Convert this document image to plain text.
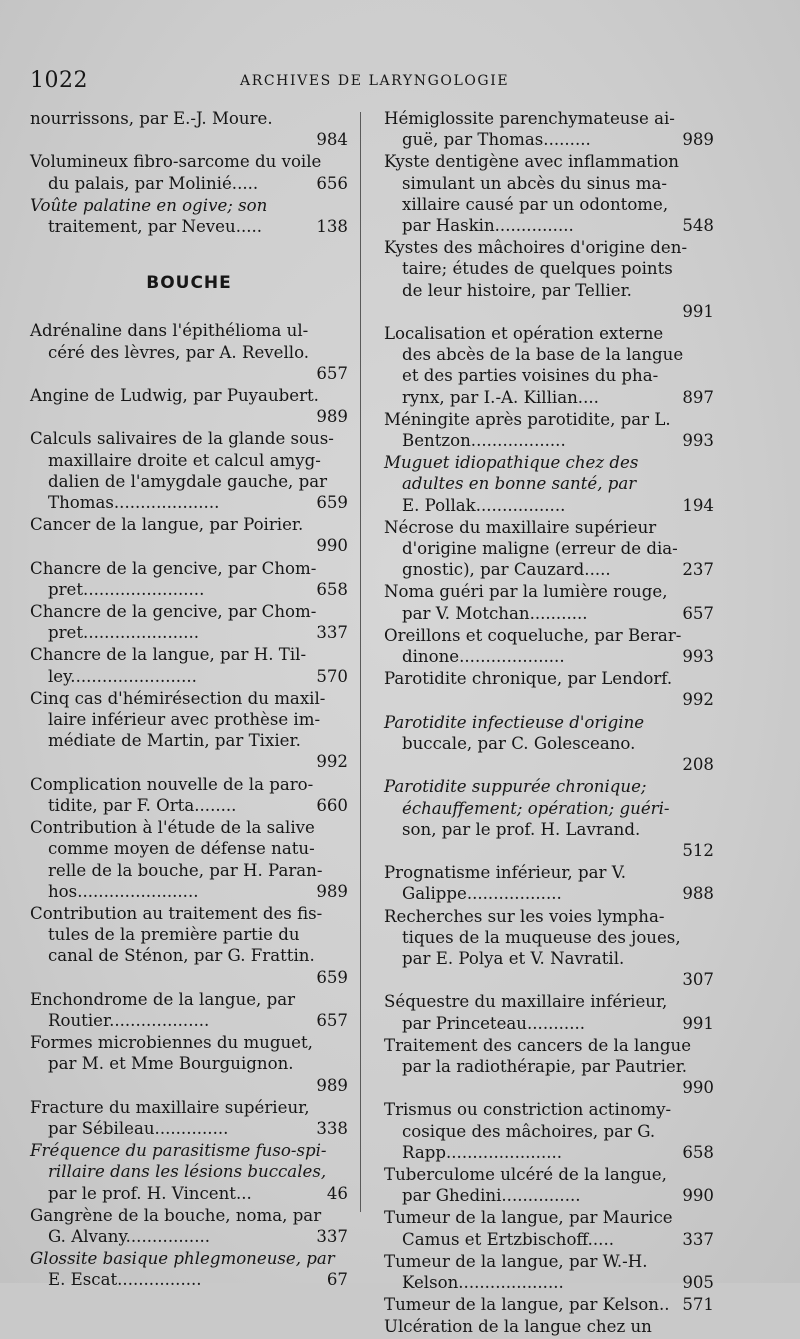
1022	ARCHIVES DE LARYNGOLOGIE
nourrissons, par E.-J. Moure.
984
Volumineux fibro-sarcome du voile
du palais, par Molinié.....	656
Voûte palatine en ogive; son
traitement, par Neveu.....	138
BOUCHE
Adrénaline dans l'épithélioma ul-
céré des lèvres, par A. Revello.
657
Angine de Ludwig, par Puyaubert.
989
Calculs salivaires de la glande sous-
maxillaire droite et calcul amyg-
dalien de l'amygdale gauche, par
Thomas....................	659
Cancer de la langue, par Poirier.
990
Chancre de la gencive, par Chom-
pret.......................	658
Chancre de la gencive, par Chom-
pret......................	337
Chancre de la langue, par H. Til-
ley........................	570
Cinq cas d'hémirésection du maxil-
laire inférieur avec prothèse im-
médiate de Martin, par Tixier.
992
Complication nouvelle de la paro-
tidite, par F. Orta........	660
Contribution à l'étude de la salive
comme moyen de défense natu-
relle de la bouche, par H. Paran-
hos.......................	989
Contribution au traitement des fis-
tules de la première partie du
canal de Sténon, par G. Frattin.
659
Enchondrome de la langue, par
Routier...................	657
Formes microbiennes du muguet,
par M. et Mme Bourguignon.
989
Fracture du maxillaire supérieur,
par Sébileau..............	338
Fréquence du parasitisme fuso-spi-
rillaire dans les lésions buccales,
par le prof. H. Vincent...	46
Gangrène de la bouche, noma, par
G. Alvany................	337
Glossite basique phlegmoneuse, par
E. Escat................	67
Hémiglossite parenchymateuse ai-
guë, par Thomas.........	989
Kyste dentigène avec inflammation
simulant un abcès du sinus ma-
xillaire causé par un odontome,
par Haskin...............	548
Kystes des mâchoires d'origine den-
taire; études de quelques points
de leur histoire, par Tellier.
991
Localisation et opération externe
des abcès de la base de la langue
et des parties voisines du pha-
rynx, par I.-A. Killian....	897
Méningite après parotidite, par L.
Bentzon..................	993
Muguet idiopathique chez des
adultes en bonne santé, par
E. Pollak.................	194
Nécrose du maxillaire supérieur
d'origine maligne (erreur de dia-
gnostic), par Cauzard.....	237
Noma guéri par la lumière rouge,
par V. Motchan...........	657
Oreillons et coqueluche, par Berar-
dinone....................	993
Parotidite chronique, par Lendorf.
992
Parotidite infectieuse d'origine
buccale, par C. Golesceano.
208
Parotidite suppurée chronique;
échauffement; opération; guéri-
son, par le prof. H. Lavrand.
512
Prognatisme inférieur, par V.
Galippe..................	988
Recherches sur les voies lympha-
tiques de la muqueuse des joues,
par E. Polya et V. Navratil.
307
Séquestre du maxillaire inférieur,
par Princeteau...........	991
Traitement des cancers de la langue
par la radiothérapie, par Pautrier.
990
Trismus ou constriction actinomy-
cosique des mâchoires, par G.
Rapp......................	658
Tuberculome ulcéré de la langue,
par Ghedini...............	990
Tumeur de la langue, par Maurice
Camus et Ertzbischoff.....	337
Tumeur de la langue, par W.-H.
Kelson....................	905
Tumeur de la langue, par Kelson.. 571
Ulcération de la langue chez un
